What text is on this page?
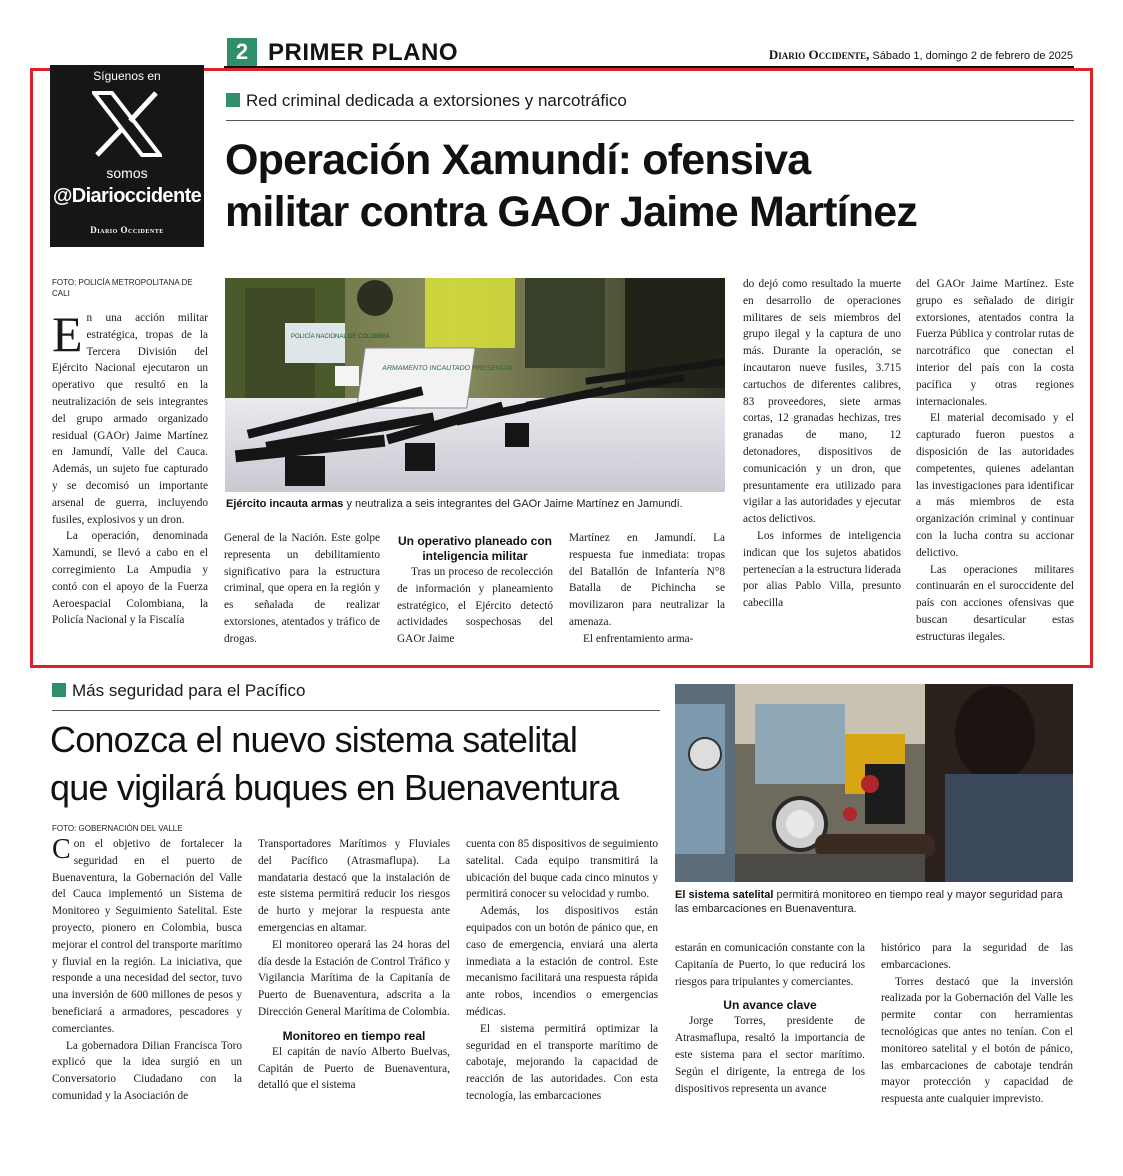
2 PRIMER PLANO	Diario Occidente, Sábado 1, domingo 2 de febrero de 2025
Síguenos en
somos
@Diarioccidente
Diario Occidente
Red criminal dedicada a extorsiones y narcotráfico
Operación Xamundí: ofensiva
militar contra GAOr Jaime Martínez
FOTO: POLICÍA METROPOLITANA DE CALI
POLICÍA NACIONAL DE COLOMBIA
ARMAMENTO INCAUTADO PRESENCIA
Ejército incauta armas y neutraliza a seis integrantes del GAOr Jaime Martínez en Jamundí.

En una acción militar estratégica, tropas de la Tercera División del Ejército Nacional ejecutaron un operativo que resultó en la neutralización de seis integrantes del grupo armado organizado residual (GAOr) Jaime Martínez en Jamundí, Valle del Cauca. Además, un sujeto fue capturado y se decomisó un importante arsenal de guerra, incluyendo fusiles, explosivos y un dron.

La operación, denominada Xamundí, se llevó a cabo en el corregimiento La Ampudia y contó con el apoyo de la Fuerza Aeroespacial Colombiana, la Policía Nacional y la Fiscalía

General de la Nación. Este golpe representa un debilitamiento significativo para la estructura criminal, que opera en la región y es señalada de realizar extorsiones, atentados y tráfico de drogas.

Un operativo planeado con inteligencia militar

Tras un proceso de recolección de información y planeamiento estratégico, el Ejército detectó actividades sospechosas del GAOr Jaime

Martínez en Jamundí. La respuesta fue inmediata: tropas del Batallón de Infantería N°8 Batalla de Pichincha se movilizaron para neutralizar la amenaza.

El enfrentamiento arma-

do dejó como resultado la muerte en desarrollo de operaciones militares de seis miembros del grupo ilegal y la captura de uno más. Durante la operación, se incautaron nueve fusiles, 3.715 cartuchos de diferentes calibres, 83 proveedores, siete armas cortas, 12 granadas hechizas, tres granadas de mano, 12 detonadores, dispositivos de comunicación y un dron, que presuntamente era utilizado para vigilar a las autoridades y ejecutar actos delictivos.

Los informes de inteligencia indican que los sujetos abatidos pertenecían a la estructura liderada por alias Pablo Villa, presunto cabecilla

del GAOr Jaime Martínez. Este grupo es señalado de dirigir extorsiones, atentados contra la Fuerza Pública y controlar rutas de narcotráfico que conectan el interior del país con la costa pacífica y otras regiones internacionales.

El material decomisado y el capturado fueron puestos a disposición de las autoridades competentes, quienes adelantan las investigaciones para identificar a más miembros de esta organización criminal y continuar con la lucha contra su accionar delictivo.

Las operaciones militares continuarán en el suroccidente del país con acciones ofensivas que buscan desarticular estas estructuras ilegales.

Más seguridad para el Pacífico
Conozca el nuevo sistema satelital
que vigilará buques en Buenaventura
FOTO: GOBERNACIÓN DEL VALLE
El sistema satelital permitirá monitoreo en tiempo real y mayor seguridad para las embarcaciones en Buenaventura.

Con el objetivo de fortalecer la seguridad en el puerto de Buenaventura, la Gobernación del Valle del Cauca implementó un Sistema de Monitoreo y Seguimiento Satelital. Este proyecto, pionero en Colombia, busca mejorar el control del transporte marítimo y fluvial en la región. La iniciativa, que responde a una necesidad del sector, tuvo una inversión de 600 millones de pesos y beneficiará a armadores, pescadores y comerciantes.

La gobernadora Dilian Francisca Toro explicó que la idea surgió en un Conversatorio Ciudadano con la comunidad y la Asociación de

Transportadores Marítimos y Fluviales del Pacífico (Atrasmaflupa). La mandataria destacó que la instalación de este sistema permitirá reducir los riesgos de hurto y mejorar la respuesta ante emergencias en altamar.

El monitoreo operará las 24 horas del día desde la Estación de Control Tráfico y Vigilancia Marítima de la Capitanía de Puerto de Buenaventura, adscrita a la Dirección General Marítima de Colombia.

Monitoreo en tiempo real

El capitán de navío Alberto Buelvas, Capitán de Puerto de Buenaventura, detalló que el sistema

cuenta con 85 dispositivos de seguimiento satelital. Cada equipo transmitirá la ubicación del buque cada cinco minutos y permitirá conocer su velocidad y rumbo.

Además, los dispositivos están equipados con un botón de pánico que, en caso de emergencia, enviará una alerta inmediata a la estación de control. Este mecanismo facilitará una respuesta rápida ante robos, incendios o emergencias médicas.

El sistema permitirá optimizar la seguridad en el transporte marítimo de cabotaje, mejorando la capacidad de reacción de las autoridades. Con esta tecnología, las embarcaciones

estarán en comunicación constante con la Capitanía de Puerto, lo que reducirá los riesgos para tripulantes y comerciantes.

Un avance clave

Jorge Torres, presidente de Atrasmaflupa, resaltó la importancia de este sistema para el sector marítimo. Según el dirigente, la entrega de los dispositivos representa un avance

histórico para la seguridad de las embarcaciones.

Torres destacó que la inversión realizada por la Gobernación del Valle les permite contar con herramientas tecnológicas que antes no tenían. Con el monitoreo satelital y el botón de pánico, las embarcaciones de cabotaje tendrán mayor protección y capacidad de respuesta ante cualquier imprevisto.
